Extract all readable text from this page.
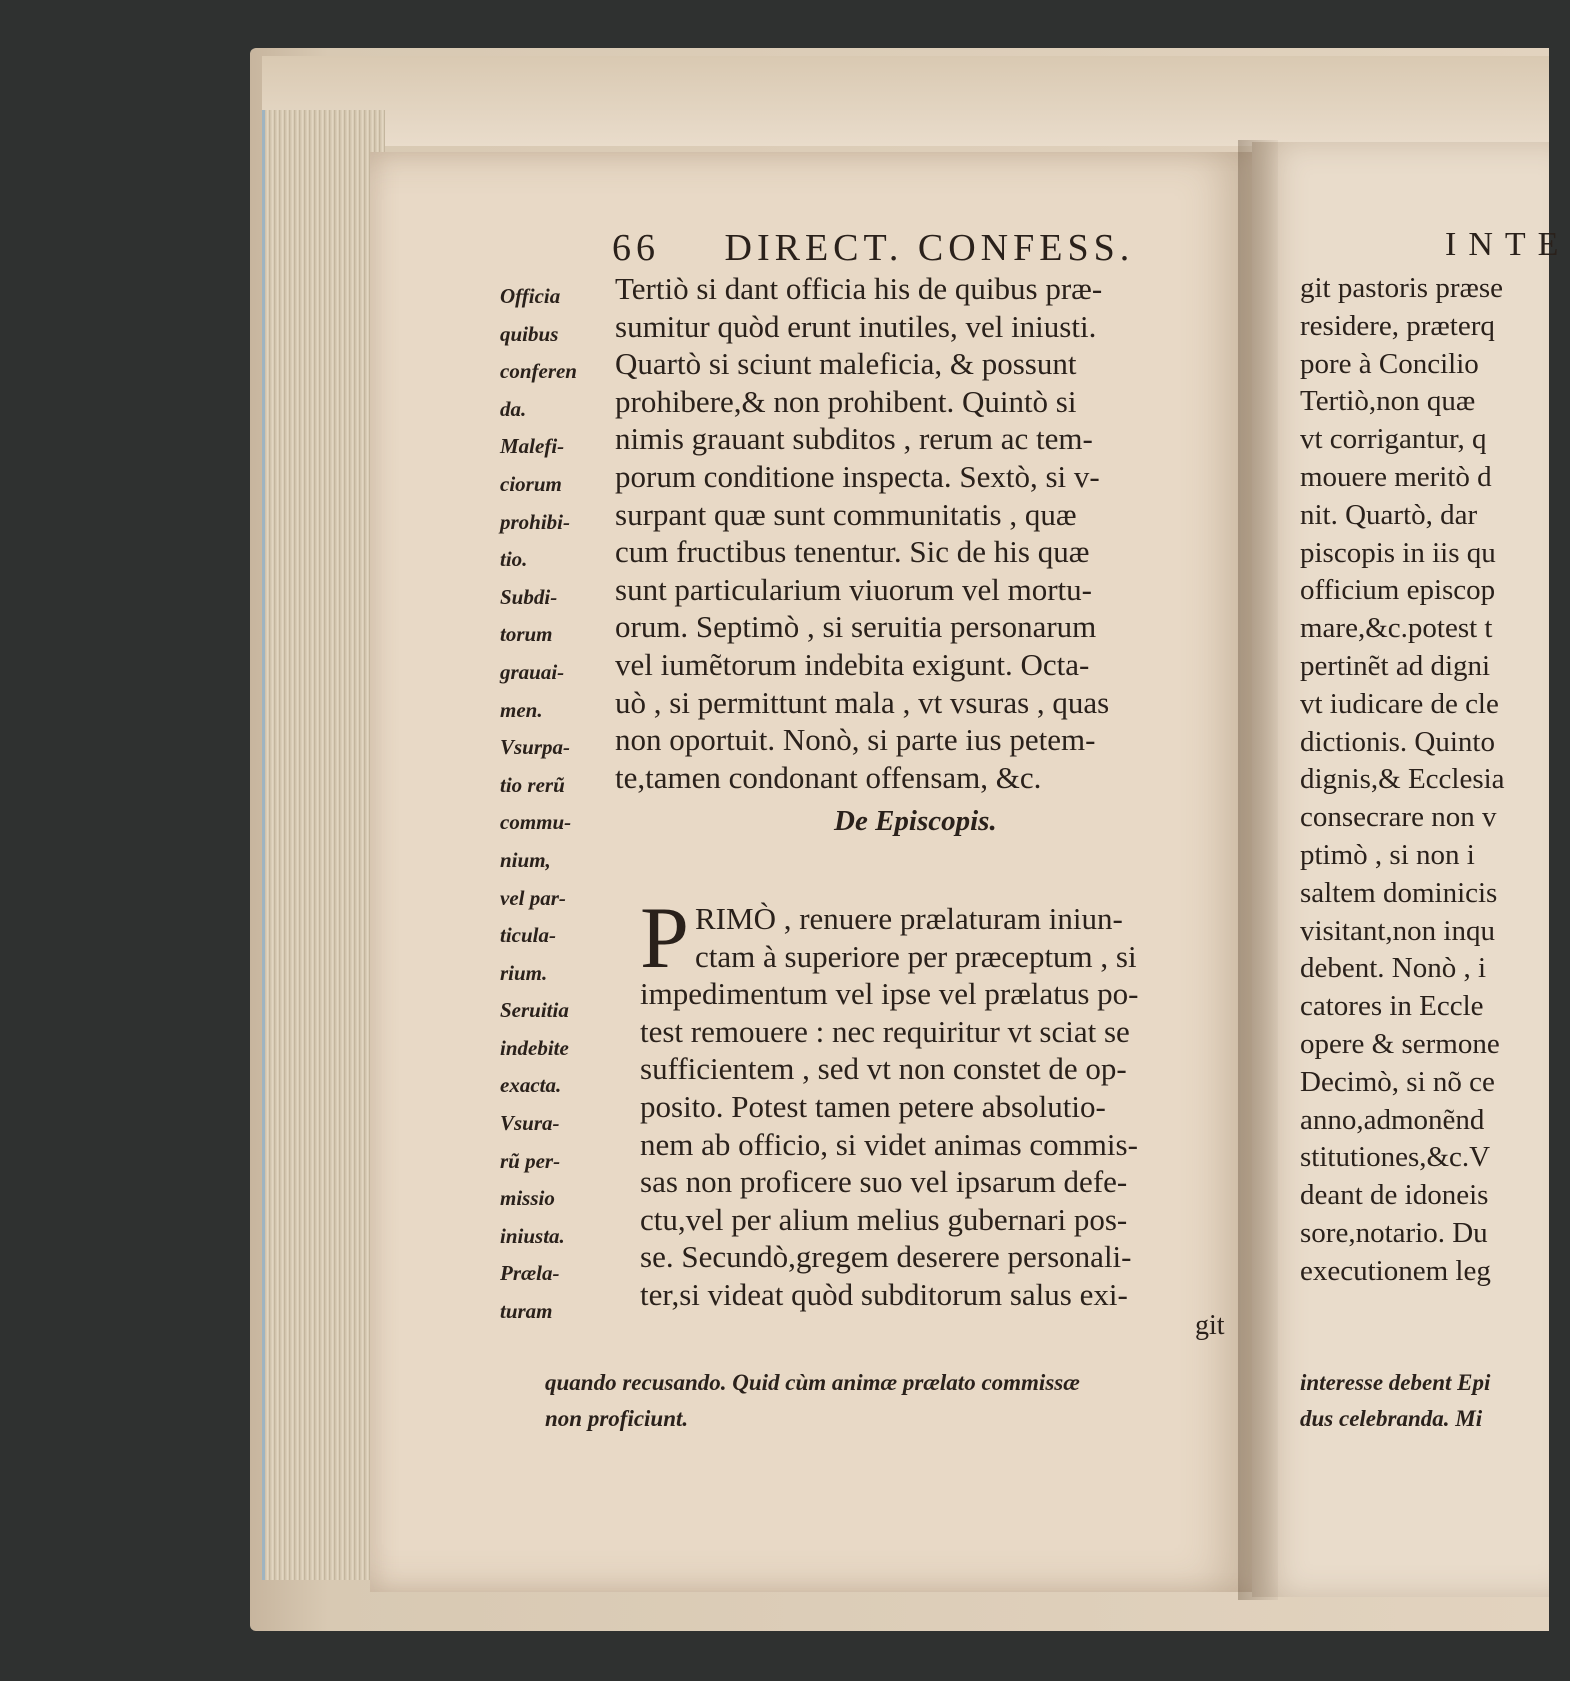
66 DIRECT. CONFESS.
Officia
quibus
conferen
da.
Malefi-
ciorum
prohibi-
tio.
Subdi-
torum
grauai-
men.
Vsurpa-
tio rerũ
commu-
nium,
vel par-
ticula-
rium.
Seruitia
indebite
exacta.
Vsura-
rũ per-
missio
iniusta.
Præla-
turam
Tertiò si dant officia his de quibus præ-
sumitur quòd erunt inutiles, vel iniusti.
Quartò si sciunt maleficia, & possunt
prohibere,& non prohibent. Quintò si
nimis grauant subditos , rerum ac tem-
porum conditione inspecta. Sextò, si v-
surpant quæ sunt communitatis , quæ
cum fructibus tenentur. Sic de his quæ
sunt particularium viuorum vel mortu-
orum. Septimò , si seruitia personarum
vel iumẽtorum indebita exigunt. Octa-
uò , si permittunt mala , vt vsuras , quas
non oportuit. Nonò, si parte ius petem-
te,tamen condonant offensam, &c.
De Episcopis.
P RIMÒ , renuere prælaturam iniun-
ctam à superiore per præceptum , si
impedimentum vel ipse vel prælatus po-
test remouere : nec requiritur vt sciat se
sufficientem , sed vt non constet de op-
posito. Potest tamen petere absolutio-
nem ab officio, si videt animas commis-
sas non proficere suo vel ipsarum defe-
ctu,vel per alium melius gubernari pos-
se. Secundò,gregem deserere personali-
ter,si videat quòd subditorum salus exi-
git
quando recusando. Quid cùm animæ prælato commissæ
non proficiunt.
INTE
git pastoris præse
residere, præterq
pore à Concilio
Tertiò,non quæ
vt corrigantur, q
mouere meritò d
nit. Quartò, dar
piscopis in iis qu
officium episcop
mare,&c.potest t
pertinẽt ad digni
vt iudicare de cle
dictionis. Quinto
dignis,& Ecclesia
consecrare non v
ptimò , si non i
saltem dominicis
visitant,non inqu
debent. Nonò , i
catores in Eccle
opere & sermone
Decimò, si nõ ce
anno,admonẽnd
stitutiones,&c.V
deant de idoneis
sore,notario. Du
executionem leg
interesse debent Epi
dus celebranda. Mi
